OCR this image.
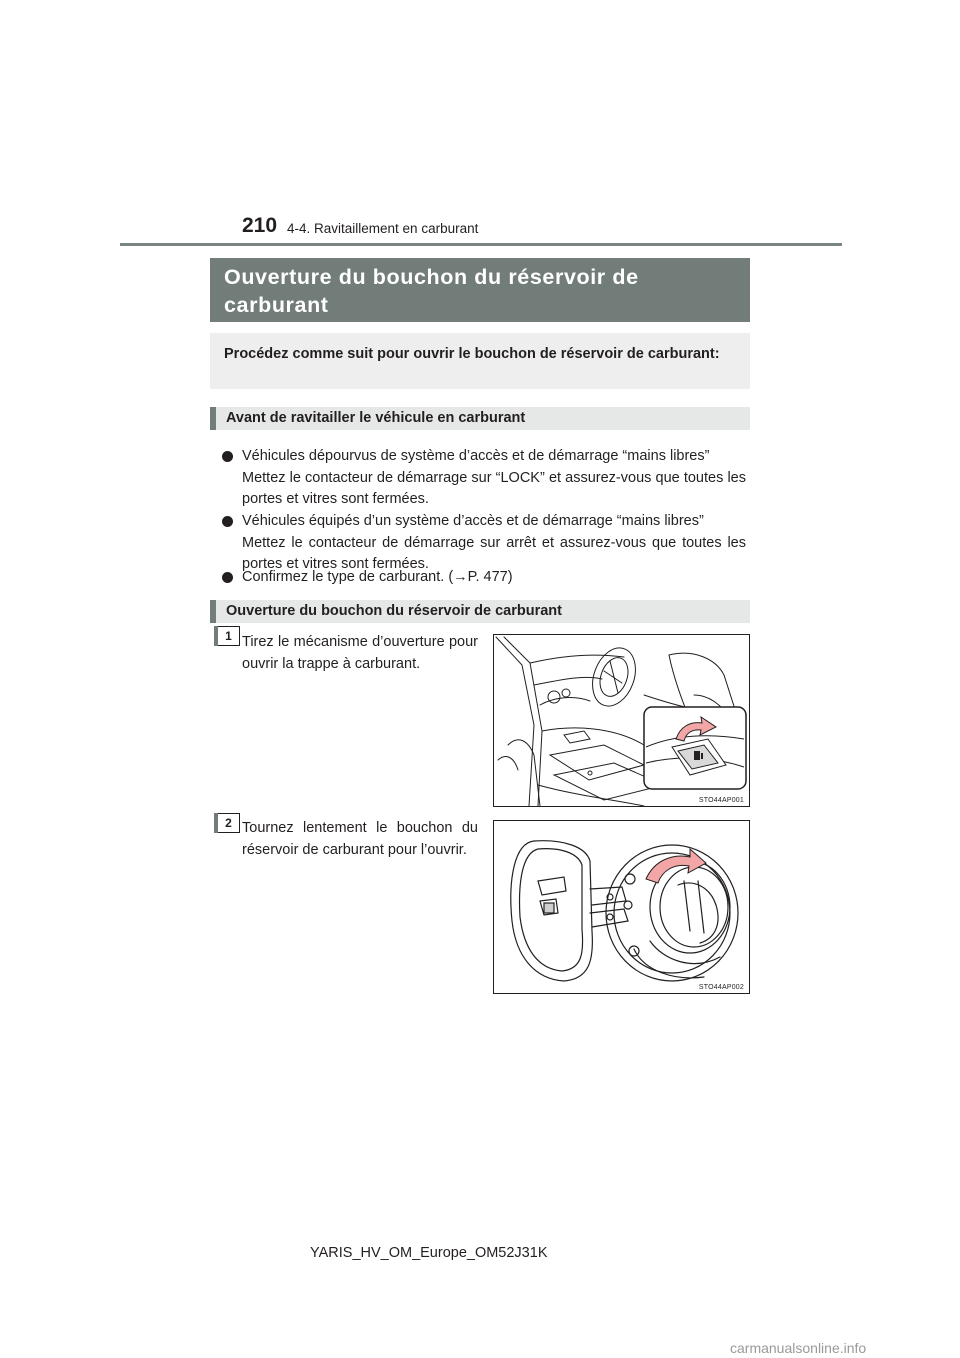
210 4-4. Ravitaillement en carburant
Ouverture du bouchon du réservoir de
carburant
Procédez comme suit pour ouvrir le bouchon de réservoir de carburant:
Avant de ravitailler le véhicule en carburant
Véhicules dépourvus de système d’accès et de démarrage “mains libres”
Mettez le contacteur de démarrage sur “LOCK” et assurez-vous que toutes les portes et vitres sont fermées.
Véhicules équipés d’un système d’accès et de démarrage “mains libres”
Mettez le contacteur de démarrage sur arrêt et assurez-vous que toutes les portes et vitres sont fermées.
Confirmez le type de carburant. (→P. 477)
Ouverture du bouchon du réservoir de carburant
1 Tirez le mécanisme d’ouverture pour ouvrir la trappe à carburant.
STO44AP001
2 Tournez lentement le bouchon du réservoir de carburant pour l’ouvrir.
STO44AP002
YARIS_HV_OM_Europe_OM52J31K
carmanualsonline.info
